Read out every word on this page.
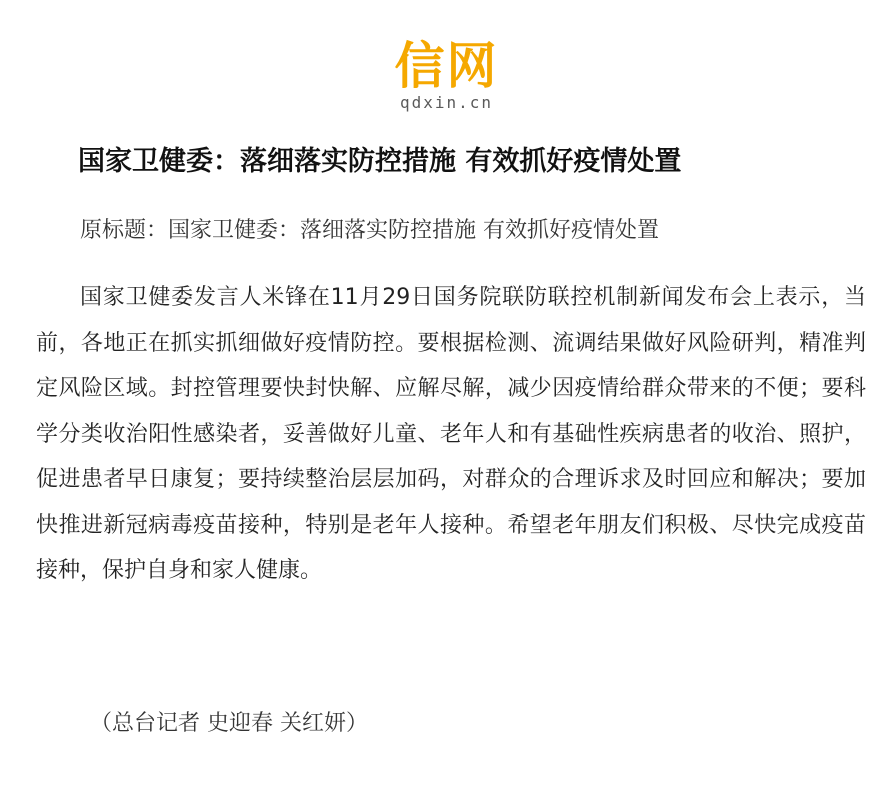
信网
qdxin.cn
国家卫健委：落细落实防控措施 有效抓好疫情处置

原标题：国家卫健委：落细落实防控措施 有效抓好疫情处置

国家卫健委发言人米锋在11月29日国务院联防联控机制新闻发布会上表示，当前，各地正在抓实抓细做好疫情防控。要根据检测、流调结果做好风险研判，精准判定风险区域。封控管理要快封快解、应解尽解，减少因疫情给群众带来的不便；要科学分类收治阳性感染者，妥善做好儿童、老年人和有基础性疾病患者的收治、照护，促进患者早日康复；要持续整治层层加码，对群众的合理诉求及时回应和解决；要加快推进新冠病毒疫苗接种，特别是老年人接种。希望老年朋友们积极、尽快完成疫苗接种，保护自身和家人健康。

（总台记者 史迎春 关红妍）
